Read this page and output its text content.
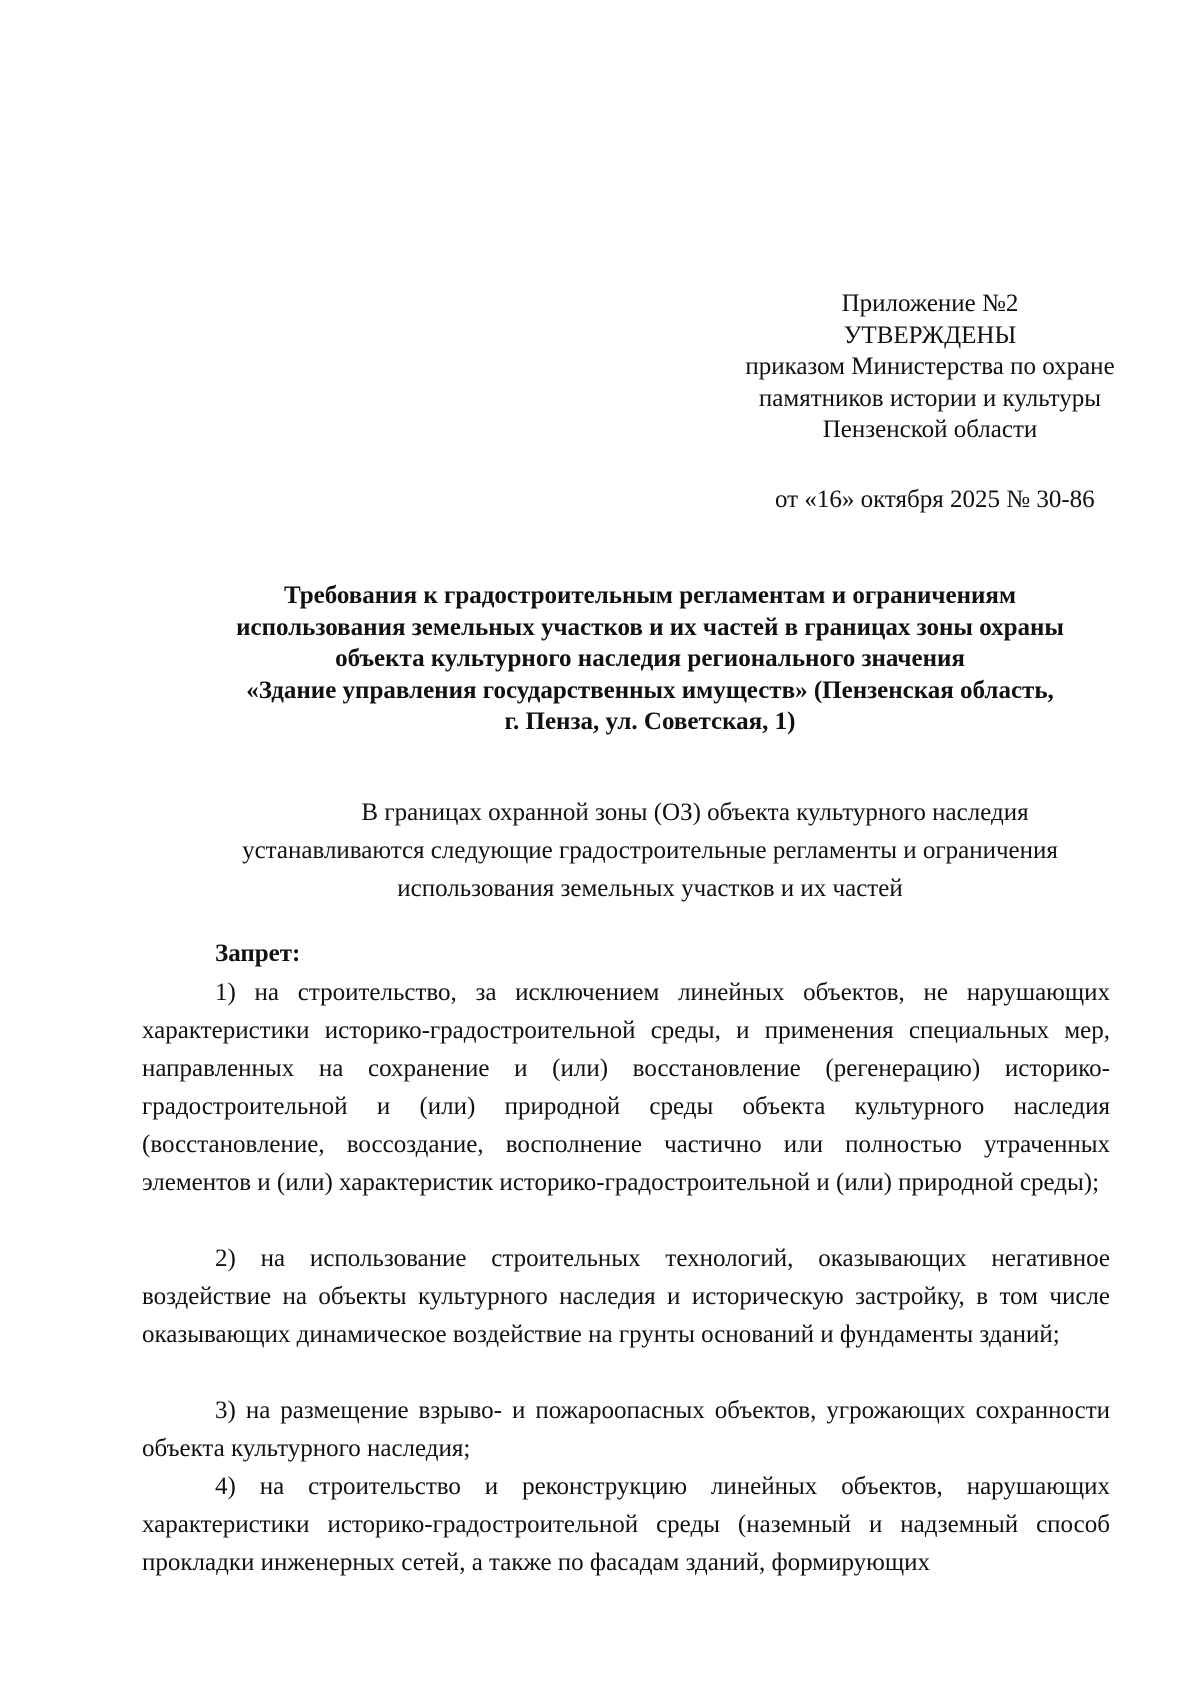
Приложение №2
УТВЕРЖДЕНЫ
приказом Министерства по охране
памятников истории и культуры
Пензенской области
от «16» октября 2025 № 30-86
Требования к градостроительным регламентам и ограничениям
использования земельных участков и их частей в границах зоны охраны
объекта культурного наследия регионального значения
«Здание управления государственных имуществ» (Пензенская область,
г. Пенза, ул. Советская, 1)
В границах охранной зоны (ОЗ) объекта культурного наследия
устанавливаются следующие градостроительные регламенты и ограничения
использования земельных участков и их частей
Запрет:

1) на строительство, за исключением линейных объектов, не нарушающих характеристики историко-градостроительной среды, и применения специальных мер, направленных на сохранение и (или) восстановление (регенерацию) историко-градостроительной и (или) природной среды объекта культурного наследия (восстановление, воссоздание, восполнение частично или полностью утраченных элементов и (или) характеристик историко-градостроительной и (или) природной среды);

2) на использование строительных технологий, оказывающих негативное воздействие на объекты культурного наследия и историческую застройку, в том числе оказывающих динамическое воздействие на грунты оснований и фундаменты зданий;

3) на размещение взрыво- и пожароопасных объектов, угрожающих сохранности объекта культурного наследия;

4) на строительство и реконструкцию линейных объектов, нарушающих характеристики историко-градостроительной среды (наземный и надземный способ прокладки инженерных сетей, а также по фасадам зданий, формирующих
